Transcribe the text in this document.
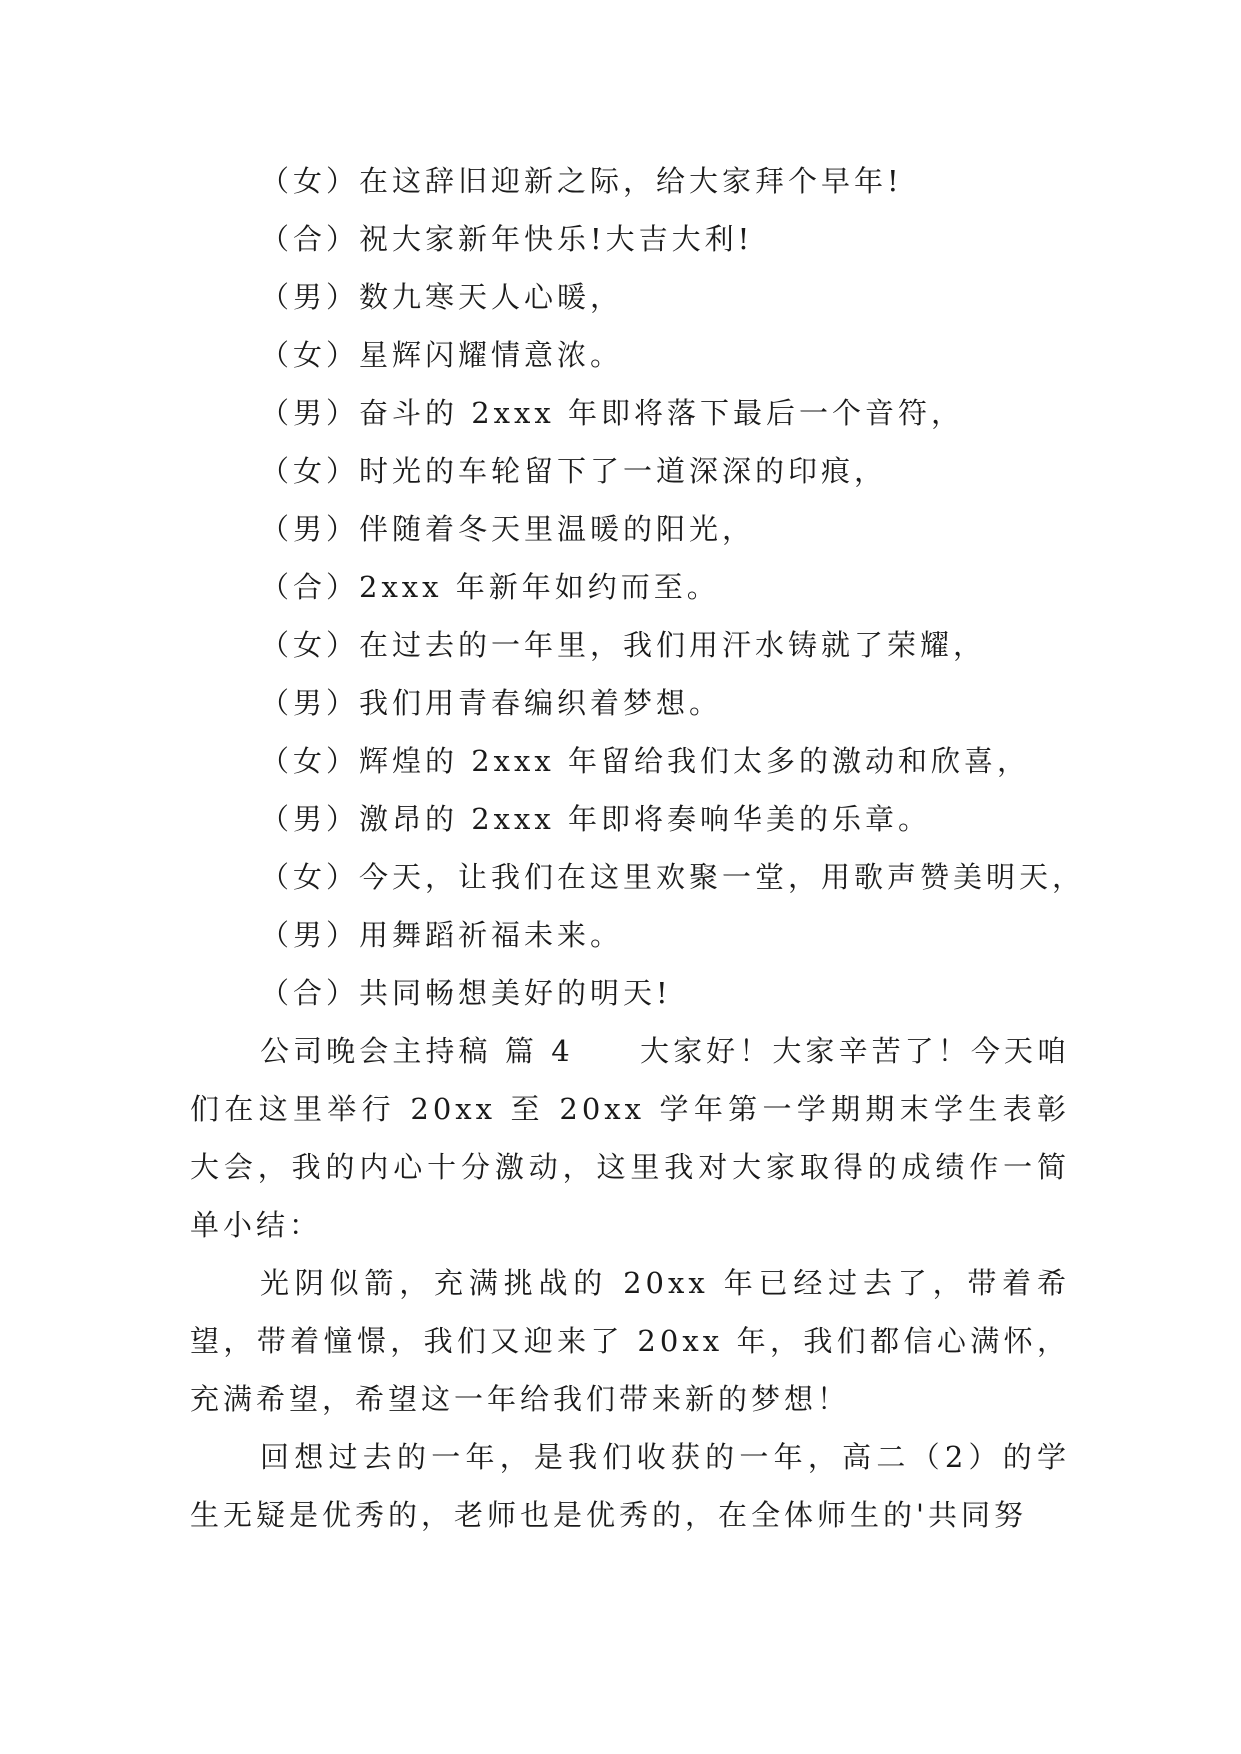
（女）在这辞旧迎新之际，给大家拜个早年!

（合）祝大家新年快乐!大吉大利!

（男）数九寒天人心暖，

（女）星辉闪耀情意浓。

（男）奋斗的 2xxx 年即将落下最后一个音符，

（女）时光的车轮留下了一道深深的印痕，

（男）伴随着冬天里温暖的阳光，

（合）2xxx 年新年如约而至。

（女）在过去的一年里，我们用汗水铸就了荣耀，

（男）我们用青春编织着梦想。

（女）辉煌的 2xxx 年留给我们太多的激动和欣喜，

（男）激昂的 2xxx 年即将奏响华美的乐章。

（女）今天，让我们在这里欢聚一堂，用歌声赞美明天，

（男）用舞蹈祈福未来。

（合）共同畅想美好的明天!

公司晚会主持稿 篇 4　　大家好！大家辛苦了！今天咱们在这里举行 20xx 至 20xx 学年第一学期期末学生表彰大会，我的内心十分激动，这里我对大家取得的成绩作一简单小结：

光阴似箭，充满挑战的 20xx 年已经过去了，带着希望，带着憧憬，我们又迎来了 20xx 年，我们都信心满怀，充满希望，希望这一年给我们带来新的梦想！

回想过去的一年，是我们收获的一年，高二（2）的学生无疑是优秀的，老师也是优秀的，在全体师生的'共同努
